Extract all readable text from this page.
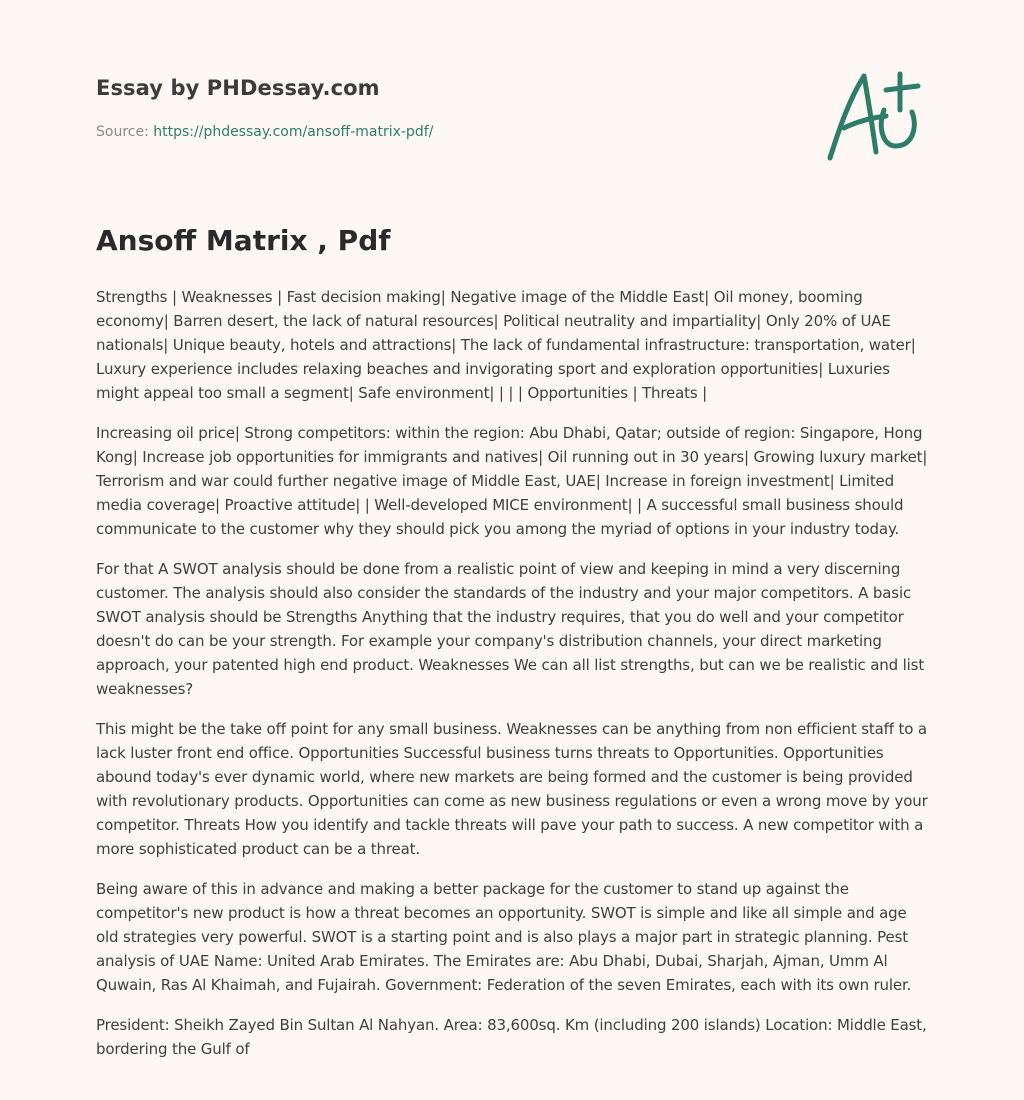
Essay by PHDessay.com
Source: https://phdessay.com/ansoff-matrix-pdf/
Ansoff Matrix , Pdf

Strengths | Weaknesses | Fast decision making| Negative image of the Middle East| Oil money, booming economy| Barren desert, the lack of natural resources| Political neutrality and impartiality| Only 20% of UAE nationals| Unique beauty, hotels and attractions| The lack of fundamental infrastructure: transportation, water| Luxury experience includes relaxing beaches and invigorating sport and exploration opportunities| Luxuries might appeal too small a segment| Safe environment| | | | Opportunities | Threats |

Increasing oil price| Strong competitors: within the region: Abu Dhabi, Qatar; outside of region: Singapore, Hong Kong| Increase job opportunities for immigrants and natives| Oil running out in 30 years| Growing luxury market| Terrorism and war could further negative image of Middle East, UAE| Increase in foreign investment| Limited media coverage| Proactive attitude| | Well-developed MICE environment| | A successful small business should communicate to the customer why they should pick you among the myriad of options in your industry today.

For that A SWOT analysis should be done from a realistic point of view and keeping in mind a very discerning customer. The analysis should also consider the standards of the industry and your major competitors. A basic SWOT analysis should be Strengths Anything that the industry requires, that you do well and your competitor doesn't do can be your strength. For example your company's distribution channels, your direct marketing approach, your patented high end product. Weaknesses We can all list strengths, but can we be realistic and list weaknesses?

This might be the take off point for any small business. Weaknesses can be anything from non efficient staff to a lack luster front end office. Opportunities Successful business turns threats to Opportunities. Opportunities abound today's ever dynamic world, where new markets are being formed and the customer is being provided with revolutionary products. Opportunities can come as new business regulations or even a wrong move by your competitor. Threats How you identify and tackle threats will pave your path to success. A new competitor with a more sophisticated product can be a threat.

Being aware of this in advance and making a better package for the customer to stand up against the competitor's new product is how a threat becomes an opportunity. SWOT is simple and like all simple and age old strategies very powerful. SWOT is a starting point and is also plays a major part in strategic planning. Pest analysis of UAE Name: United Arab Emirates. The Emirates are: Abu Dhabi, Dubai, Sharjah, Ajman, Umm Al Quwain, Ras Al Khaimah, and Fujairah. Government: Federation of the seven Emirates, each with its own ruler.

President: Sheikh Zayed Bin Sultan Al Nahyan. Area: 83,600sq. Km (including 200 islands) Location: Middle East, bordering the Gulf of
